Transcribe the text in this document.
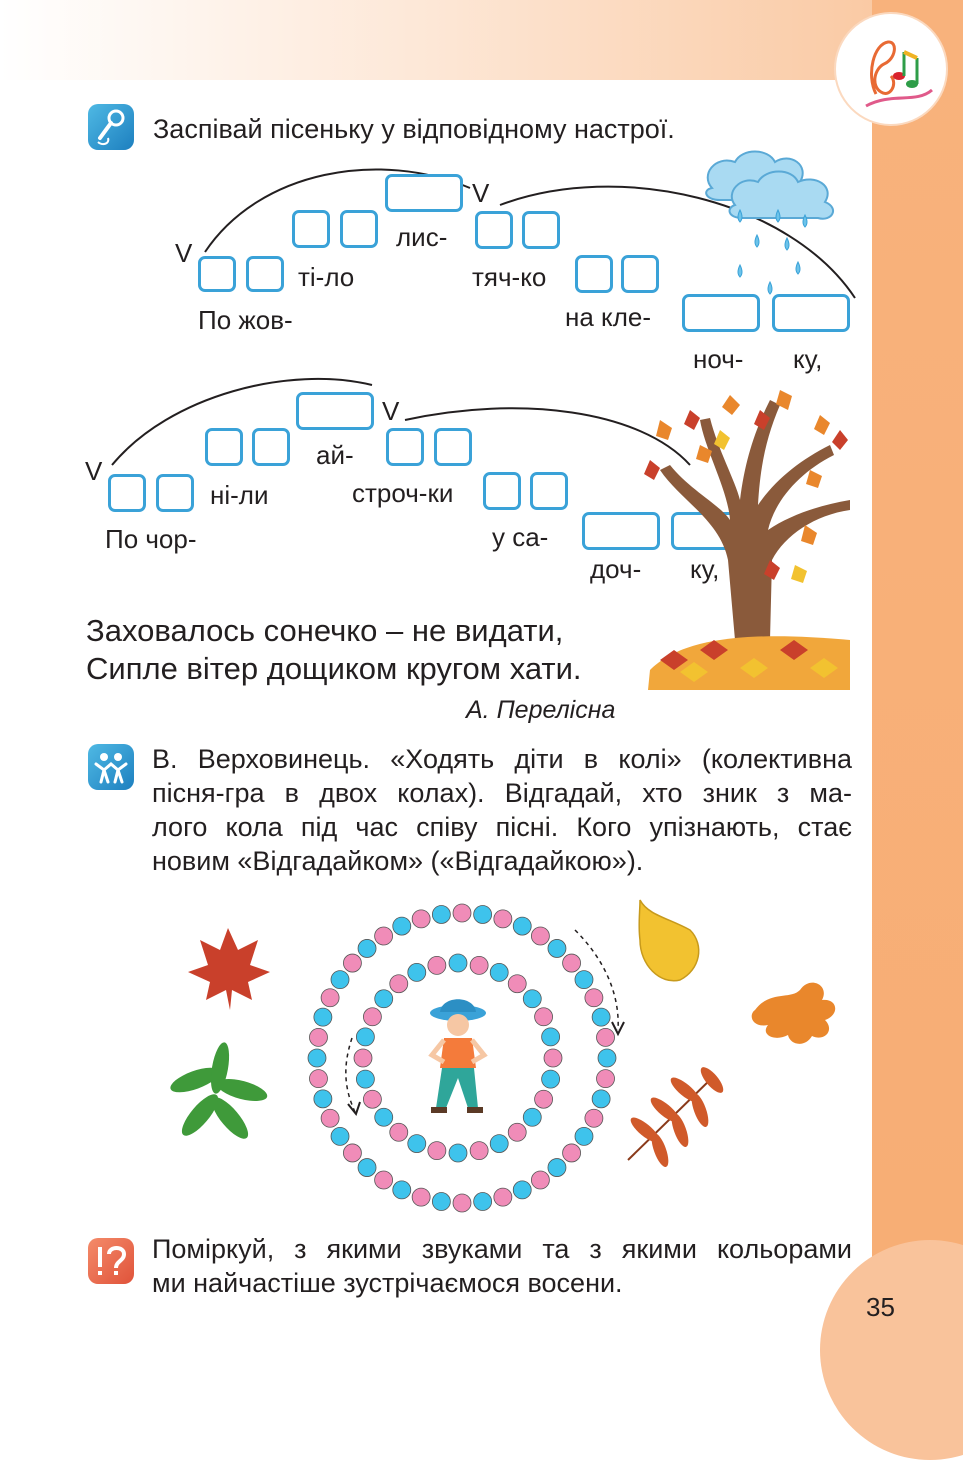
Заспівай пісеньку у відповідному настрої.
V
V
По жов-
ті-ло
лис-
тяч-ко
на кле-
ноч- ку,
V
V
По чор-
ні-ли
ай-
строч-ки
у са-
доч- ку,
Заховалось сонечко – не видати,
Сипле вітер дощиком кругом хати.
А. Перелісна
В. Верховинець. «Ходять діти в колі» (колективна
пісня-гра в двох колах). Відгадай, хто зник з ма-
лого кола під час співу пісні. Кого упізнають, стає
новим «Відгадайком» («Відгадайкою»).
Поміркуй, з якими звуками та з якими кольорами
ми найчастіше зустрічаємося восени.
35
